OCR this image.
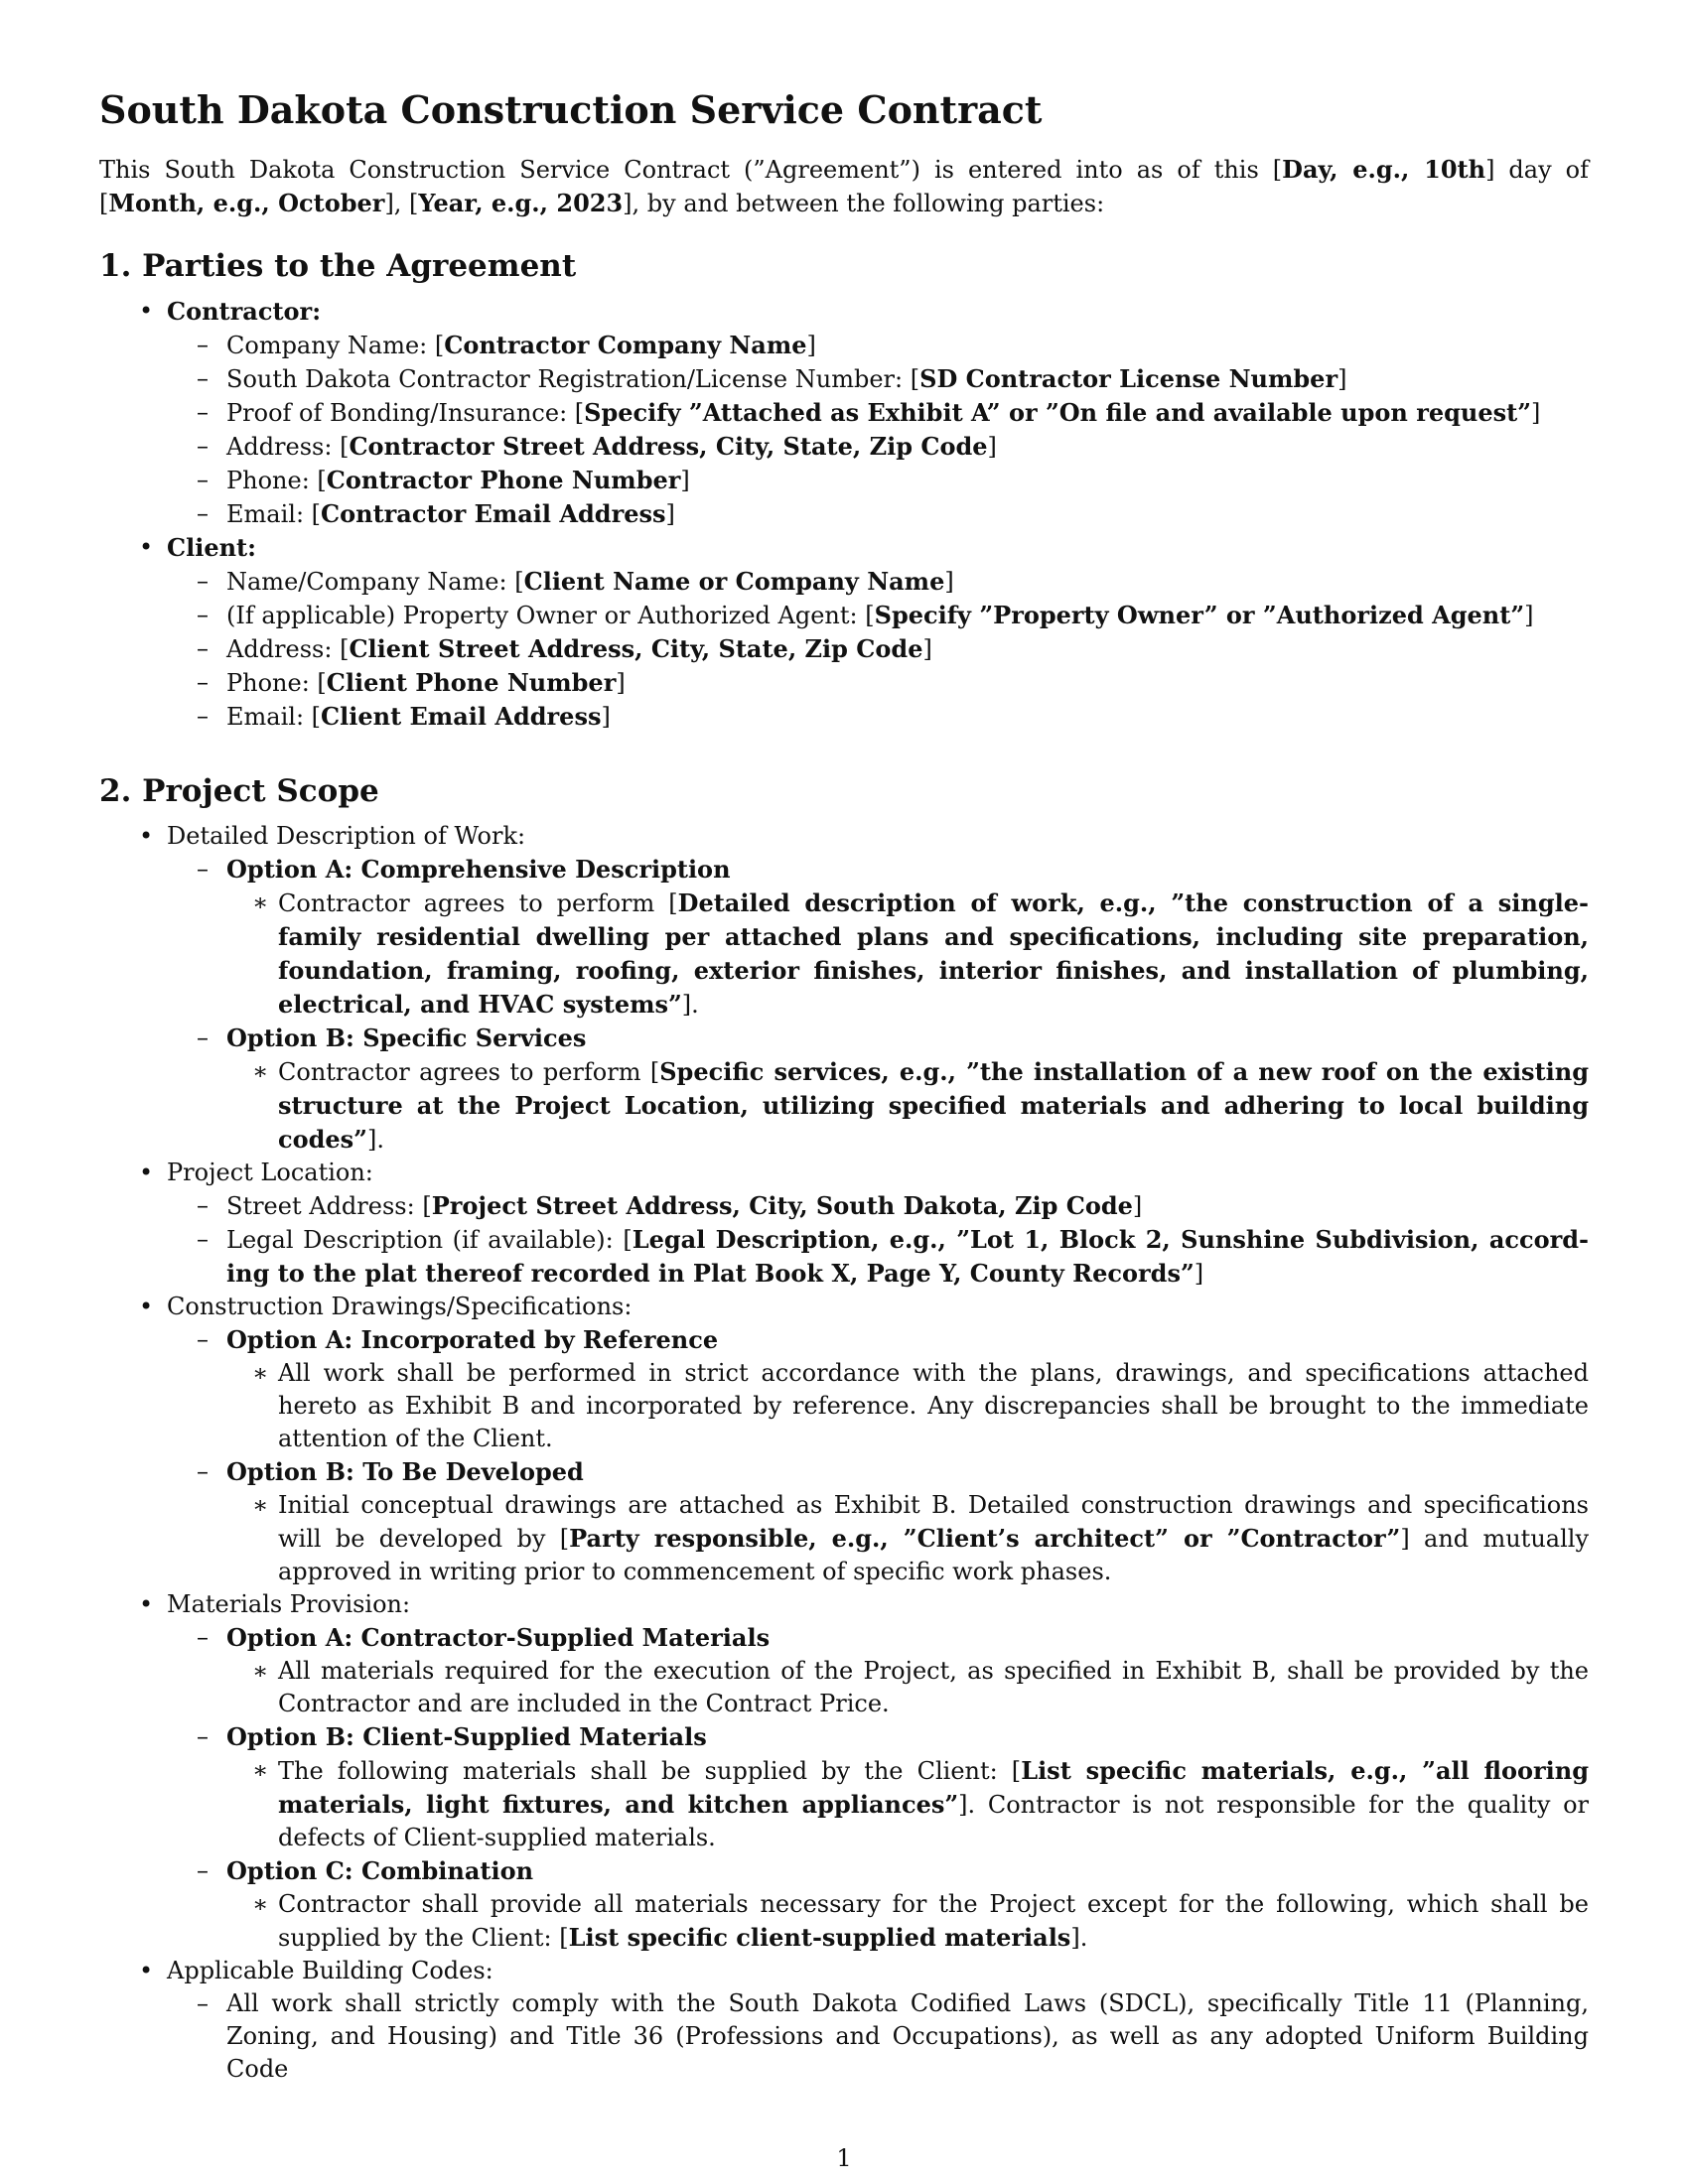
South Dakota Construction Service Contract

This South Dakota Construction Service Contract (”Agreement”) is entered into as of this [Day, e.g., 10th] day of [Month, e.g., October], [Year, e.g., 2023], by and between the following parties:

1. Parties to the Agreement
• Contractor:
– Company Name: [Contractor Company Name]
– South Dakota Contractor Registration/License Number: [SD Contractor License Number]
– Proof of Bonding/Insurance: [Specify ”Attached as Exhibit A” or ”On file and available upon request”]
– Address: [Contractor Street Address, City, State, Zip Code]
– Phone: [Contractor Phone Number]
– Email: [Contractor Email Address]
• Client:
– Name/Company Name: [Client Name or Company Name]
– (If applicable) Property Owner or Authorized Agent: [Specify ”Property Owner” or ”Authorized Agent”]
– Address: [Client Street Address, City, State, Zip Code]
– Phone: [Client Phone Number]
– Email: [Client Email Address]
2. Project Scope
• Detailed Description of Work:
– Option A: Comprehensive Description
∗ Contractor agrees to perform [Detailed description of work, e.g., ”the construction of a single-family residential dwelling per attached plans and specifications, including site preparation, foundation, framing, roofing, exterior finishes, interior finishes, and installation of plumbing, electrical, and HVAC systems”].
– Option B: Specific Services
∗ Contractor agrees to perform [Specific services, e.g., ”the installation of a new roof on the existing structure at the Project Location, utilizing specified materials and adhering to local building codes”].
• Project Location:
– Street Address: [Project Street Address, City, South Dakota, Zip Code]
– Legal Description (if available): [Legal Description, e.g., ”Lot 1, Block 2, Sunshine Subdivision, according to the plat thereof recorded in Plat Book X, Page Y, County Records”]
• Construction Drawings/Specifications:
– Option A: Incorporated by Reference
∗ All work shall be performed in strict accordance with the plans, drawings, and specifications attached hereto as Exhibit B and incorporated by reference. Any discrepancies shall be brought to the immediate attention of the Client.
– Option B: To Be Developed
∗ Initial conceptual drawings are attached as Exhibit B. Detailed construction drawings and specifications will be developed by [Party responsible, e.g., ”Client’s architect” or ”Contractor”] and mutually approved in writing prior to commencement of specific work phases.
• Materials Provision:
– Option A: Contractor-Supplied Materials
∗ All materials required for the execution of the Project, as specified in Exhibit B, shall be provided by the Contractor and are included in the Contract Price.
– Option B: Client-Supplied Materials
∗ The following materials shall be supplied by the Client: [List specific materials, e.g., ”all flooring materials, light fixtures, and kitchen appliances”]. Contractor is not responsible for the quality or defects of Client-supplied materials.
– Option C: Combination
∗ Contractor shall provide all materials necessary for the Project except for the following, which shall be supplied by the Client: [List specific client-supplied materials].
• Applicable Building Codes:
– All work shall strictly comply with the South Dakota Codified Laws (SDCL), specifically Title 11 (Planning, Zoning, and Housing) and Title 36 (Professions and Occupations), as well as any adopted Uniform Building Code
1
